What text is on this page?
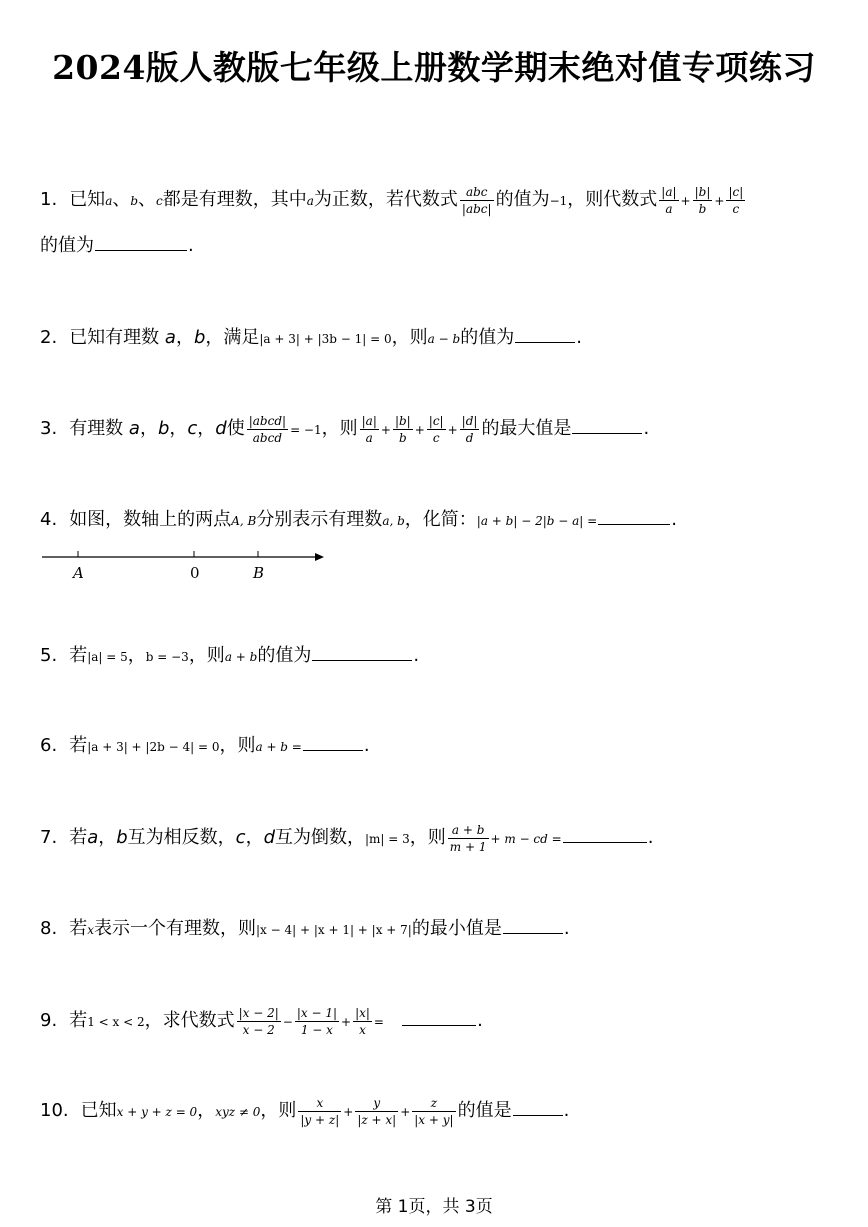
2024版人教版七年级上册数学期末绝对值专项练习
1. 已知a、b、c都是有理数，其中a为正数，若代数式 $\frac{\text{abc}}{\text{|abc|}}$ 的值为−1，则代数式 $\frac{|a|}{a} + \frac{|b|}{b} + \frac{|c|}{c}$
的值为	.
2. 已知有理数 a，b，满足|a + 3| + |3b − 1| = 0，则a − b的值为	.
3. 有理数 a，b，c，d使 $\frac{\text{|abcd|}}{\text{abcd}} = -1$，则 $\frac{|a|}{a} + \frac{|b|}{b} + \frac{|c|}{c} + \frac{|d|}{d}$ 的最大值是	.
4. 如图，数轴上的两点A, B分别表示有理数a, b，化简：|a + b| − 2|b − a| =	.
A	0	B
5. 若|a| = 5，b = −3，则a + b的值为	.
6. 若|a + 3| + |2b − 4| = 0，则a + b =	.
7. 若a，b互为相反数，c，d互为倒数，|m| = 3，则 $\frac{a + b}{m + 1} + m$ − cd =	.
8. 若x表示一个有理数，则|x − 4| + |x + 1| + |x + 7|的最小值是	.
9. 若1 < x < 2，求代数式 $\frac{|x - 2|}{x - 2} - \frac{|x - 1|}{1 - x} + \frac{|x|}{x}$ =	.
10. 已知x + y + z = 0，xyz ≠ 0，则 $\frac{x}{|y + z|} + \frac{y}{|z + x|} + \frac{z}{|x + y|}$ 的值是	.
第 1页，共 3页
